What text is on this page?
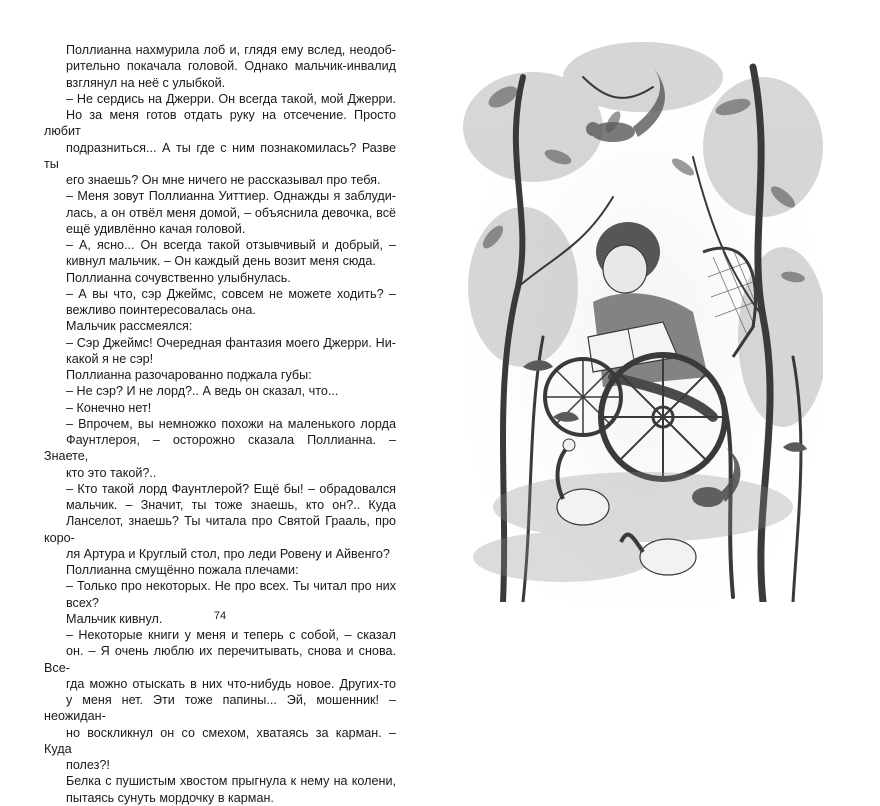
Поллианна нахмурила лоб и, глядя ему вслед, неодоб-
рительно покачала головой. Однако мальчик-инвалид
взглянул на неё с улыбкой.

– Не сердись на Джерри. Он всегда такой, мой Джерри.
Но за меня готов отдать руку на отсечение. Просто любит
подразниться... А ты где с ним познакомилась? Разве ты
его знаешь? Он мне ничего не рассказывал про тебя.

– Меня зовут Поллианна Уиттиер. Однажды я заблуди-
лась, а он отвёл меня домой, – объяснила девочка, всё
ещё удивлённо качая головой.

– А, ясно... Он всегда такой отзывчивый и добрый, –
кивнул мальчик. – Он каждый день возит меня сюда.

Поллианна сочувственно улыбнулась.

– А вы что, сэр Джеймс, совсем не можете ходить? –
вежливо поинтересовалась она.

Мальчик рассмеялся:

– Сэр Джеймс! Очередная фантазия моего Джерри. Ни-
какой я не сэр!

Поллианна разочарованно поджала губы:

– Не сэр? И не лорд?.. А ведь он сказал, что...

– Конечно нет!

– Впрочем, вы немножко похожи на маленького лорда
Фаунтлероя, – осторожно сказала Поллианна. – Знаете,
кто это такой?..

– Кто такой лорд Фаунтлерой? Ещё бы! – обрадовался
мальчик. – Значит, ты тоже знаешь, кто он?.. Куда
Ланселот, знаешь? Ты читала про Святой Грааль, про коро-
ля Артура и Круглый стол, про леди Ровену и Айвенго?

Поллианна смущённо пожала плечами:

– Только про некоторых. Не про всех. Ты читал про них
всех?

Мальчик кивнул.

– Некоторые книги у меня и теперь с собой, – сказал
он. – Я очень люблю их перечитывать, снова и снова. Все-
гда можно отыскать в них что-нибудь новое. Других-то
у меня нет. Эти тоже папины... Эй, мошенник! – неожидан-
но воскликнул он со смехом, хватаясь за карман. – Куда
полез?!

Белка с пушистым хвостом прыгнула к нему на колени,
пытаясь сунуть мордочку в карман.

74
